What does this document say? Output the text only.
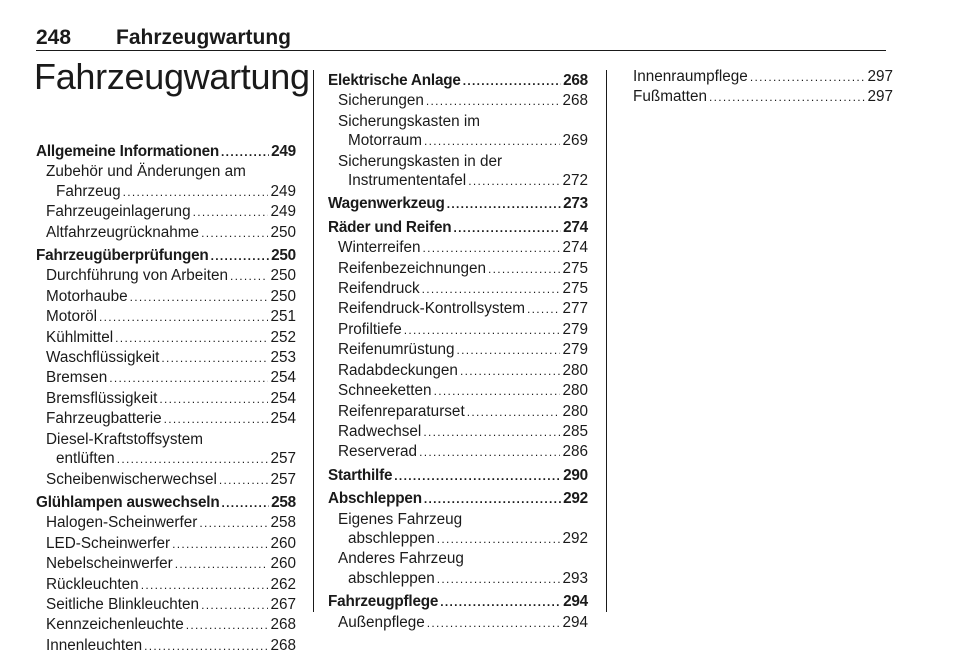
248 Fahrzeugwartung
Fahrzeugwartung
Allgemeine Informationen .....	249
Zubehör und Änderungen am
Fahrzeug .....	249
Fahrzeugeinlagerung .....	249
Altfahrzeugrücknahme .....	250
Fahrzeugüberprüfungen .....	250
Durchführung von Arbeiten .....	250
Motorhaube .....	250
Motoröl .....	251
Kühlmittel .....	252
Waschflüssigkeit .....	253
Bremsen .....	254
Bremsflüssigkeit .....	254
Fahrzeugbatterie .....	254
Diesel-Kraftstoffsystem
entlüften .....	257
Scheibenwischerwechsel .....	257
Glühlampen auswechseln .....	258
Halogen-Scheinwerfer .....	258
LED-Scheinwerfer .....	260
Nebelscheinwerfer .....	260
Rückleuchten .....	262
Seitliche Blinkleuchten .....	267
Kennzeichenleuchte .....	268
Innenleuchten .....	268
Elektrische Anlage .....	268
Sicherungen .....	268
Sicherungskasten im
Motorraum .....	269
Sicherungskasten in der
Instrumententafel .....	272
Wagenwerkzeug .....	273
Räder und Reifen .....	274
Winterreifen .....	274
Reifenbezeichnungen .....	275
Reifendruck .....	275
Reifendruck-Kontrollsystem ..... 277
Profiltiefe .....	279
Reifenumrüstung .....	279
Radabdeckungen .....	280
Schneeketten .....	280
Reifenreparaturset .....	280
Radwechsel .....	285
Reserverad .....	286
Starthilfe .....	290
Abschleppen .....	292
Eigenes Fahrzeug
abschleppen .....	292
Anderes Fahrzeug
abschleppen .....	293
Fahrzeugpflege .....	294
Außenpflege .....	294
Innenraumpflege .....	297
Fußmatten .....	297
